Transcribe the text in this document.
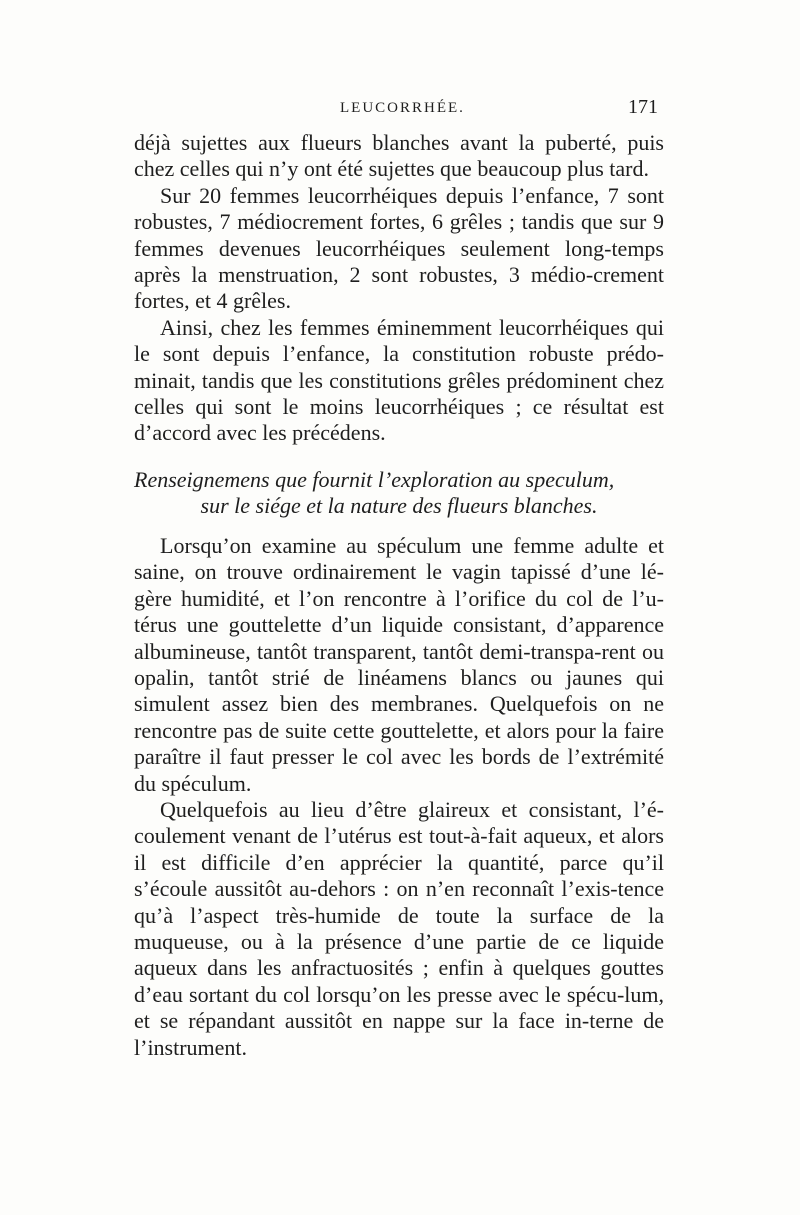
LEUCORRHÉE.	171

déjà sujettes aux flueurs blanches avant la puberté, puis chez celles qui n’y ont été sujettes que beaucoup plus tard.

Sur 20 femmes leucorrhéiques depuis l’enfance, 7 sont robustes, 7 médiocrement fortes, 6 grêles ; tandis que sur 9 femmes devenues leucorrhéiques seulement long-temps après la menstruation, 2 sont robustes, 3 médio-crement fortes, et 4 grêles.

Ainsi, chez les femmes éminemment leucorrhéiques qui le sont depuis l’enfance, la constitution robuste prédo-minait, tandis que les constitutions grêles prédominent chez celles qui sont le moins leucorrhéiques ; ce résultat est d’accord avec les précédens.

Renseignemens que fournit l’exploration au speculum,
sur le siége et la nature des flueurs blanches.

Lorsqu’on examine au spéculum une femme adulte et saine, on trouve ordinairement le vagin tapissé d’une lé-gère humidité, et l’on rencontre à l’orifice du col de l’u-térus une gouttelette d’un liquide consistant, d’apparence albumineuse, tantôt transparent, tantôt demi-transpa-rent ou opalin, tantôt strié de linéamens blancs ou jaunes qui simulent assez bien des membranes. Quelquefois on ne rencontre pas de suite cette gouttelette, et alors pour la faire paraître il faut presser le col avec les bords de l’extrémité du spéculum.

Quelquefois au lieu d’être glaireux et consistant, l’é-coulement venant de l’utérus est tout-à-fait aqueux, et alors il est difficile d’en apprécier la quantité, parce qu’il s’écoule aussitôt au-dehors : on n’en reconnaît l’exis-tence qu’à l’aspect très-humide de toute la surface de la muqueuse, ou à la présence d’une partie de ce liquide aqueux dans les anfractuosités ; enfin à quelques gouttes d’eau sortant du col lorsqu’on les presse avec le spécu-lum, et se répandant aussitôt en nappe sur la face in-terne de l’instrument.
